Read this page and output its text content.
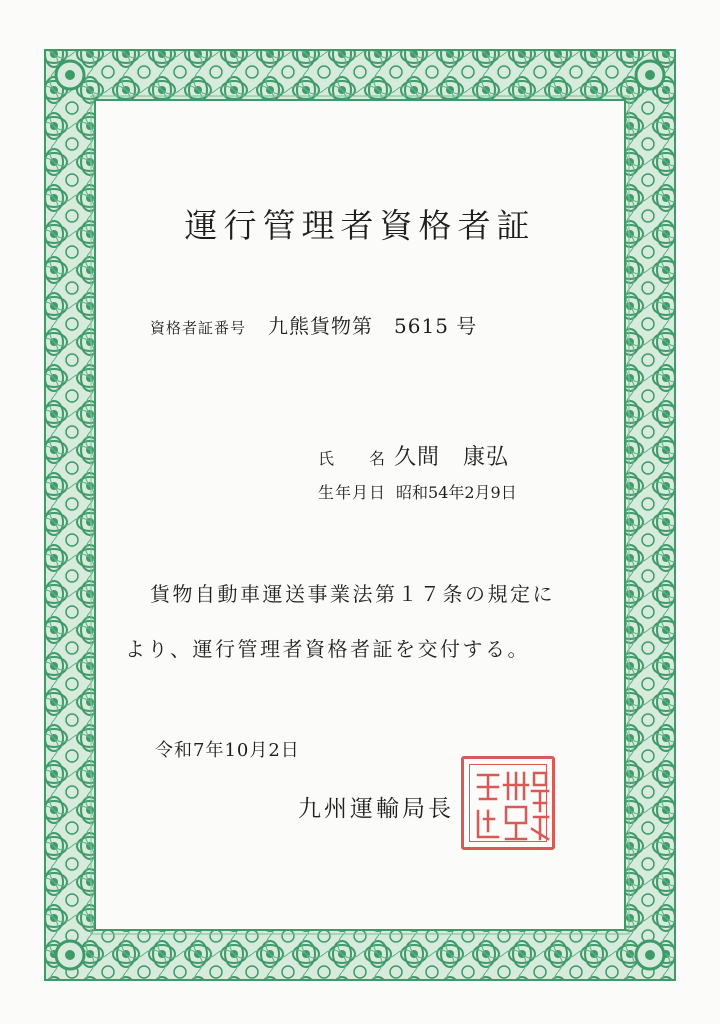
運行管理者資格者証
資格者証番号 九熊貨物第　5615 号
氏　　名 久間　康弘
生年月日 昭和54年2月9日
貨物自動車運送事業法第１７条の規定に
より、運行管理者資格者証を交付する。
令和7年10月2日
九州運輸局長
